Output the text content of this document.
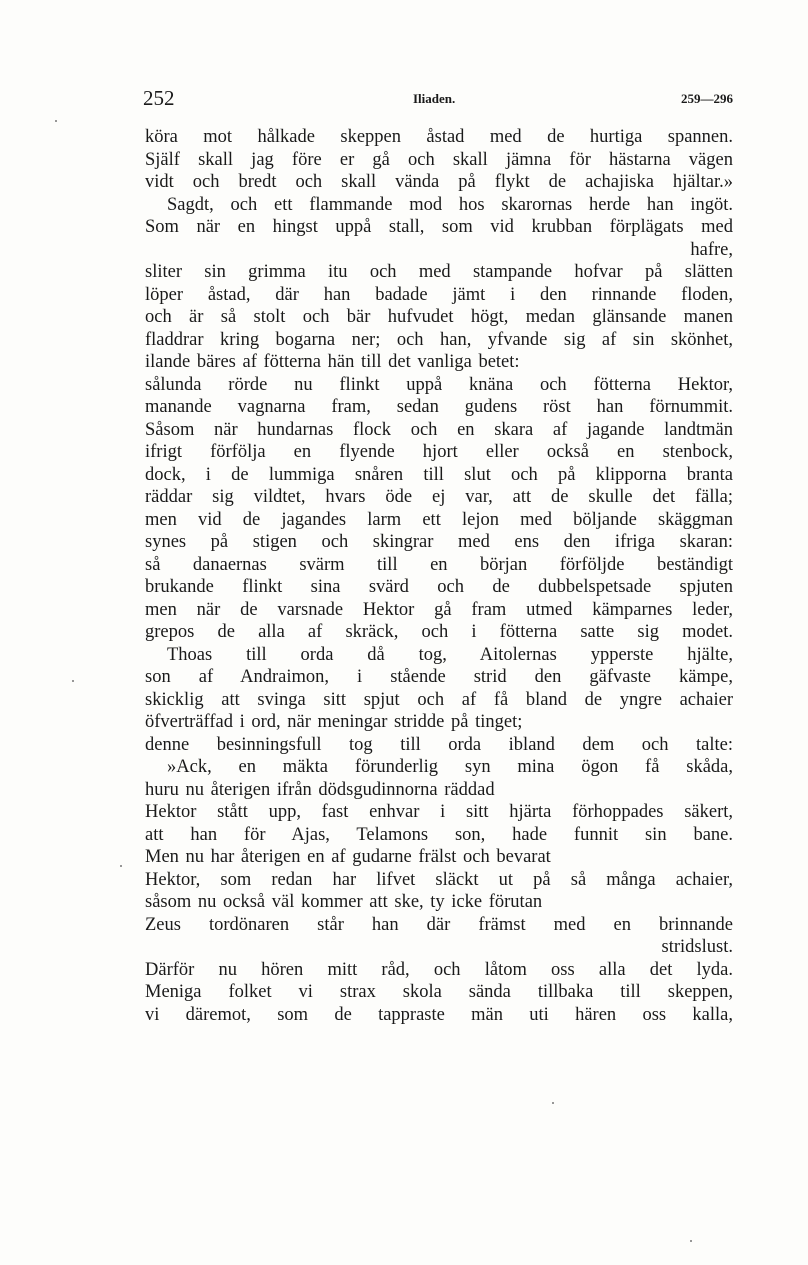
252	Iliaden.	259—296
köra mot hålkade skeppen åstad med de hurtiga spannen.
Själf skall jag före er gå och skall jämna för hästarna vägen
vidt och bredt och skall vända på flykt de achajiska hjältar.»
Sagdt, och ett flammande mod hos skarornas herde han ingöt.
Som när en hingst uppå stall, som vid krubban förplägats med
hafre,
sliter sin grimma itu och med stampande hofvar på slätten
löper åstad, där han badade jämt i den rinnande floden,
och är så stolt och bär hufvudet högt, medan glänsande manen
fladdrar kring bogarna ner; och han, yfvande sig af sin skönhet,
ilande bäres af fötterna hän till det vanliga betet:
sålunda rörde nu flinkt uppå knäna och fötterna Hektor,
manande vagnarna fram, sedan gudens röst han förnummit.
Såsom när hundarnas flock och en skara af jagande landtmän
ifrigt förfölja en flyende hjort eller också en stenbock,
dock, i de lummiga snåren till slut och på klipporna branta
räddar sig vildtet, hvars öde ej var, att de skulle det fälla;
men vid de jagandes larm ett lejon med böljande skäggman
synes på stigen och skingrar med ens den ifriga skaran:
så danaernas svärm till en början förföljde beständigt
brukande flinkt sina svärd och de dubbelspetsade spjuten
men när de varsnade Hektor gå fram utmed kämparnes leder,
grepos de alla af skräck, och i fötterna satte sig modet.
Thoas till orda då tog, Aitolernas ypperste hjälte,
son af Andraimon, i stående strid den gäfvaste kämpe,
skicklig att svinga sitt spjut och af få bland de yngre achaier
öfverträffad i ord, när meningar stridde på tinget;
denne besinningsfull tog till orda ibland dem och talte:
»Ack, en mäkta förunderlig syn mina ögon få skåda,
huru nu återigen ifrån dödsgudinnorna räddad
Hektor stått upp, fast enhvar i sitt hjärta förhoppades säkert,
att han för Ajas, Telamons son, hade funnit sin bane.
Men nu har återigen en af gudarne frälst och bevarat
Hektor, som redan har lifvet släckt ut på så många achaier,
såsom nu också väl kommer att ske, ty icke förutan
Zeus tordönaren står han där främst med en brinnande
stridslust.
Därför nu hören mitt råd, och låtom oss alla det lyda.
Meniga folket vi strax skola sända tillbaka till skeppen,
vi däremot, som de tappraste män uti hären oss kalla,
